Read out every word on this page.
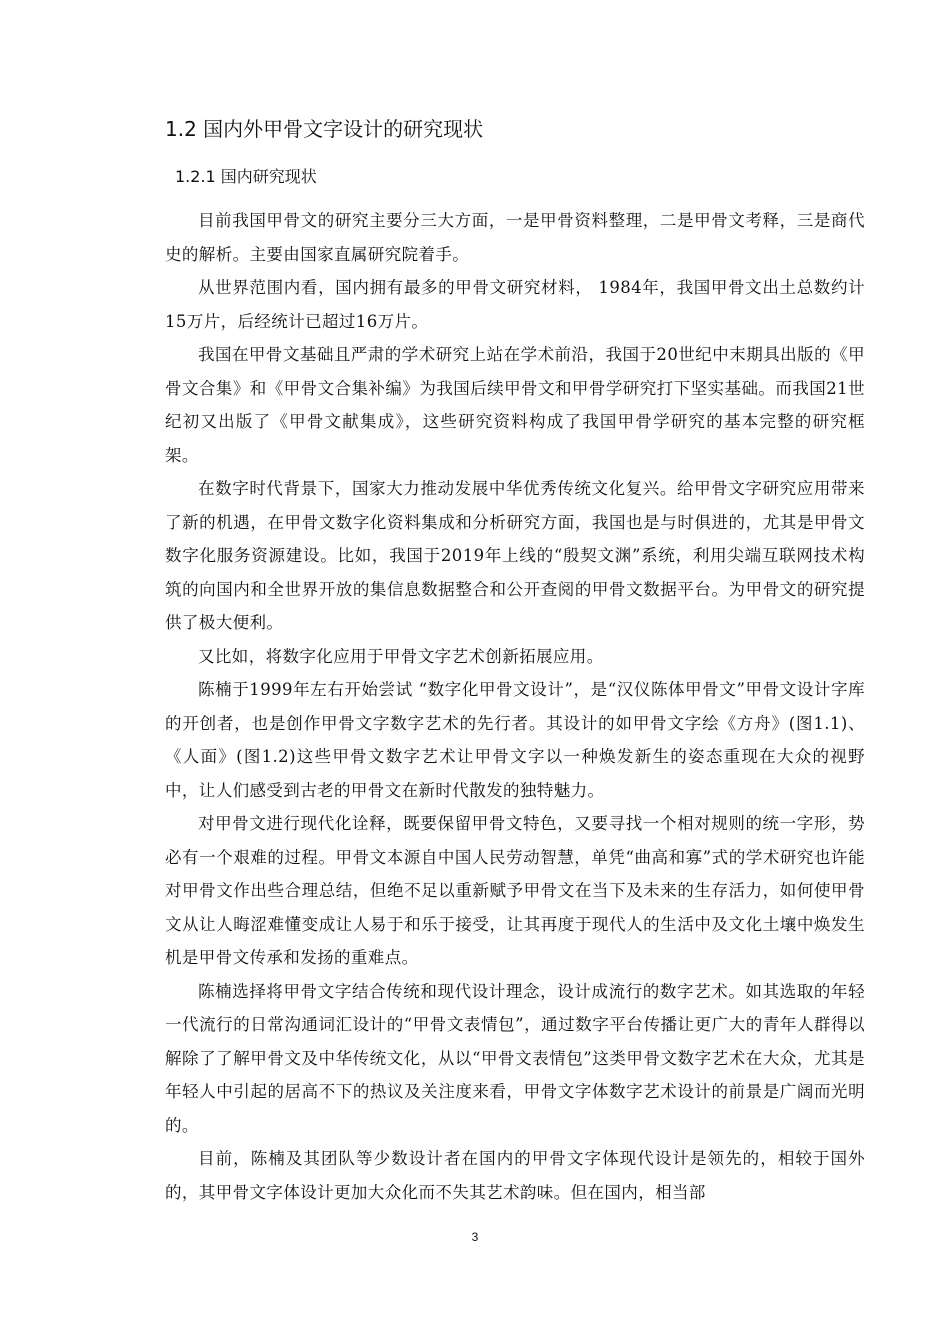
1.2 国内外甲骨文字设计的研究现状
1.2.1 国内研究现状

目前我国甲骨文的研究主要分三大方面，一是甲骨资料整理，二是甲骨文考释，三是商代史的解析。主要由国家直属研究院着手。

从世界范围内看，国内拥有最多的甲骨文研究材料， 1984年，我国甲骨文出土总数约计15万片，后经统计已超过16万片。

我国在甲骨文基础且严肃的学术研究上站在学术前沿，我国于20世纪中末期具出版的《甲骨文合集》和《甲骨文合集补编》为我国后续甲骨文和甲骨学研究打下坚实基础。而我国21世纪初又出版了《甲骨文献集成》，这些研究资料构成了我国甲骨学研究的基本完整的研究框架。

在数字时代背景下，国家大力推动发展中华优秀传统文化复兴。给甲骨文字研究应用带来了新的机遇，在甲骨文数字化资料集成和分析研究方面，我国也是与时俱进的，尤其是甲骨文数字化服务资源建设。比如，我国于2019年上线的“殷契文渊”系统，利用尖端互联网技术构筑的向国内和全世界开放的集信息数据整合和公开查阅的甲骨文数据平台。为甲骨文的研究提供了极大便利。

又比如，将数字化应用于甲骨文字艺术创新拓展应用。

陈楠于1999年左右开始尝试 “数字化甲骨文设计”，是“汉仪陈体甲骨文”甲骨文设计字库的开创者，也是创作甲骨文字数字艺术的先行者。其设计的如甲骨文字绘《方舟》(图1.1)、《人面》(图1.2)这些甲骨文数字艺术让甲骨文字以一种焕发新生的姿态重现在大众的视野中，让人们感受到古老的甲骨文在新时代散发的独特魅力。

对甲骨文进行现代化诠释，既要保留甲骨文特色，又要寻找一个相对规则的统一字形，势必有一个艰难的过程。甲骨文本源自中国人民劳动智慧，单凭“曲高和寡”式的学术研究也许能对甲骨文作出些合理总结，但绝不足以重新赋予甲骨文在当下及未来的生存活力，如何使甲骨文从让人晦涩难懂变成让人易于和乐于接受，让其再度于现代人的生活中及文化土壤中焕发生机是甲骨文传承和发扬的重难点。

陈楠选择将甲骨文字结合传统和现代设计理念，设计成流行的数字艺术。如其选取的年轻一代流行的日常沟通词汇设计的“甲骨文表情包”，通过数字平台传播让更广大的青年人群得以解除了了解甲骨文及中华传统文化，从以“甲骨文表情包”这类甲骨文数字艺术在大众，尤其是年轻人中引起的居高不下的热议及关注度来看，甲骨文字体数字艺术设计的前景是广阔而光明的。

目前，陈楠及其团队等少数设计者在国内的甲骨文字体现代设计是领先的，相较于国外的，其甲骨文字体设计更加大众化而不失其艺术韵味。但在国内，相当部

3
